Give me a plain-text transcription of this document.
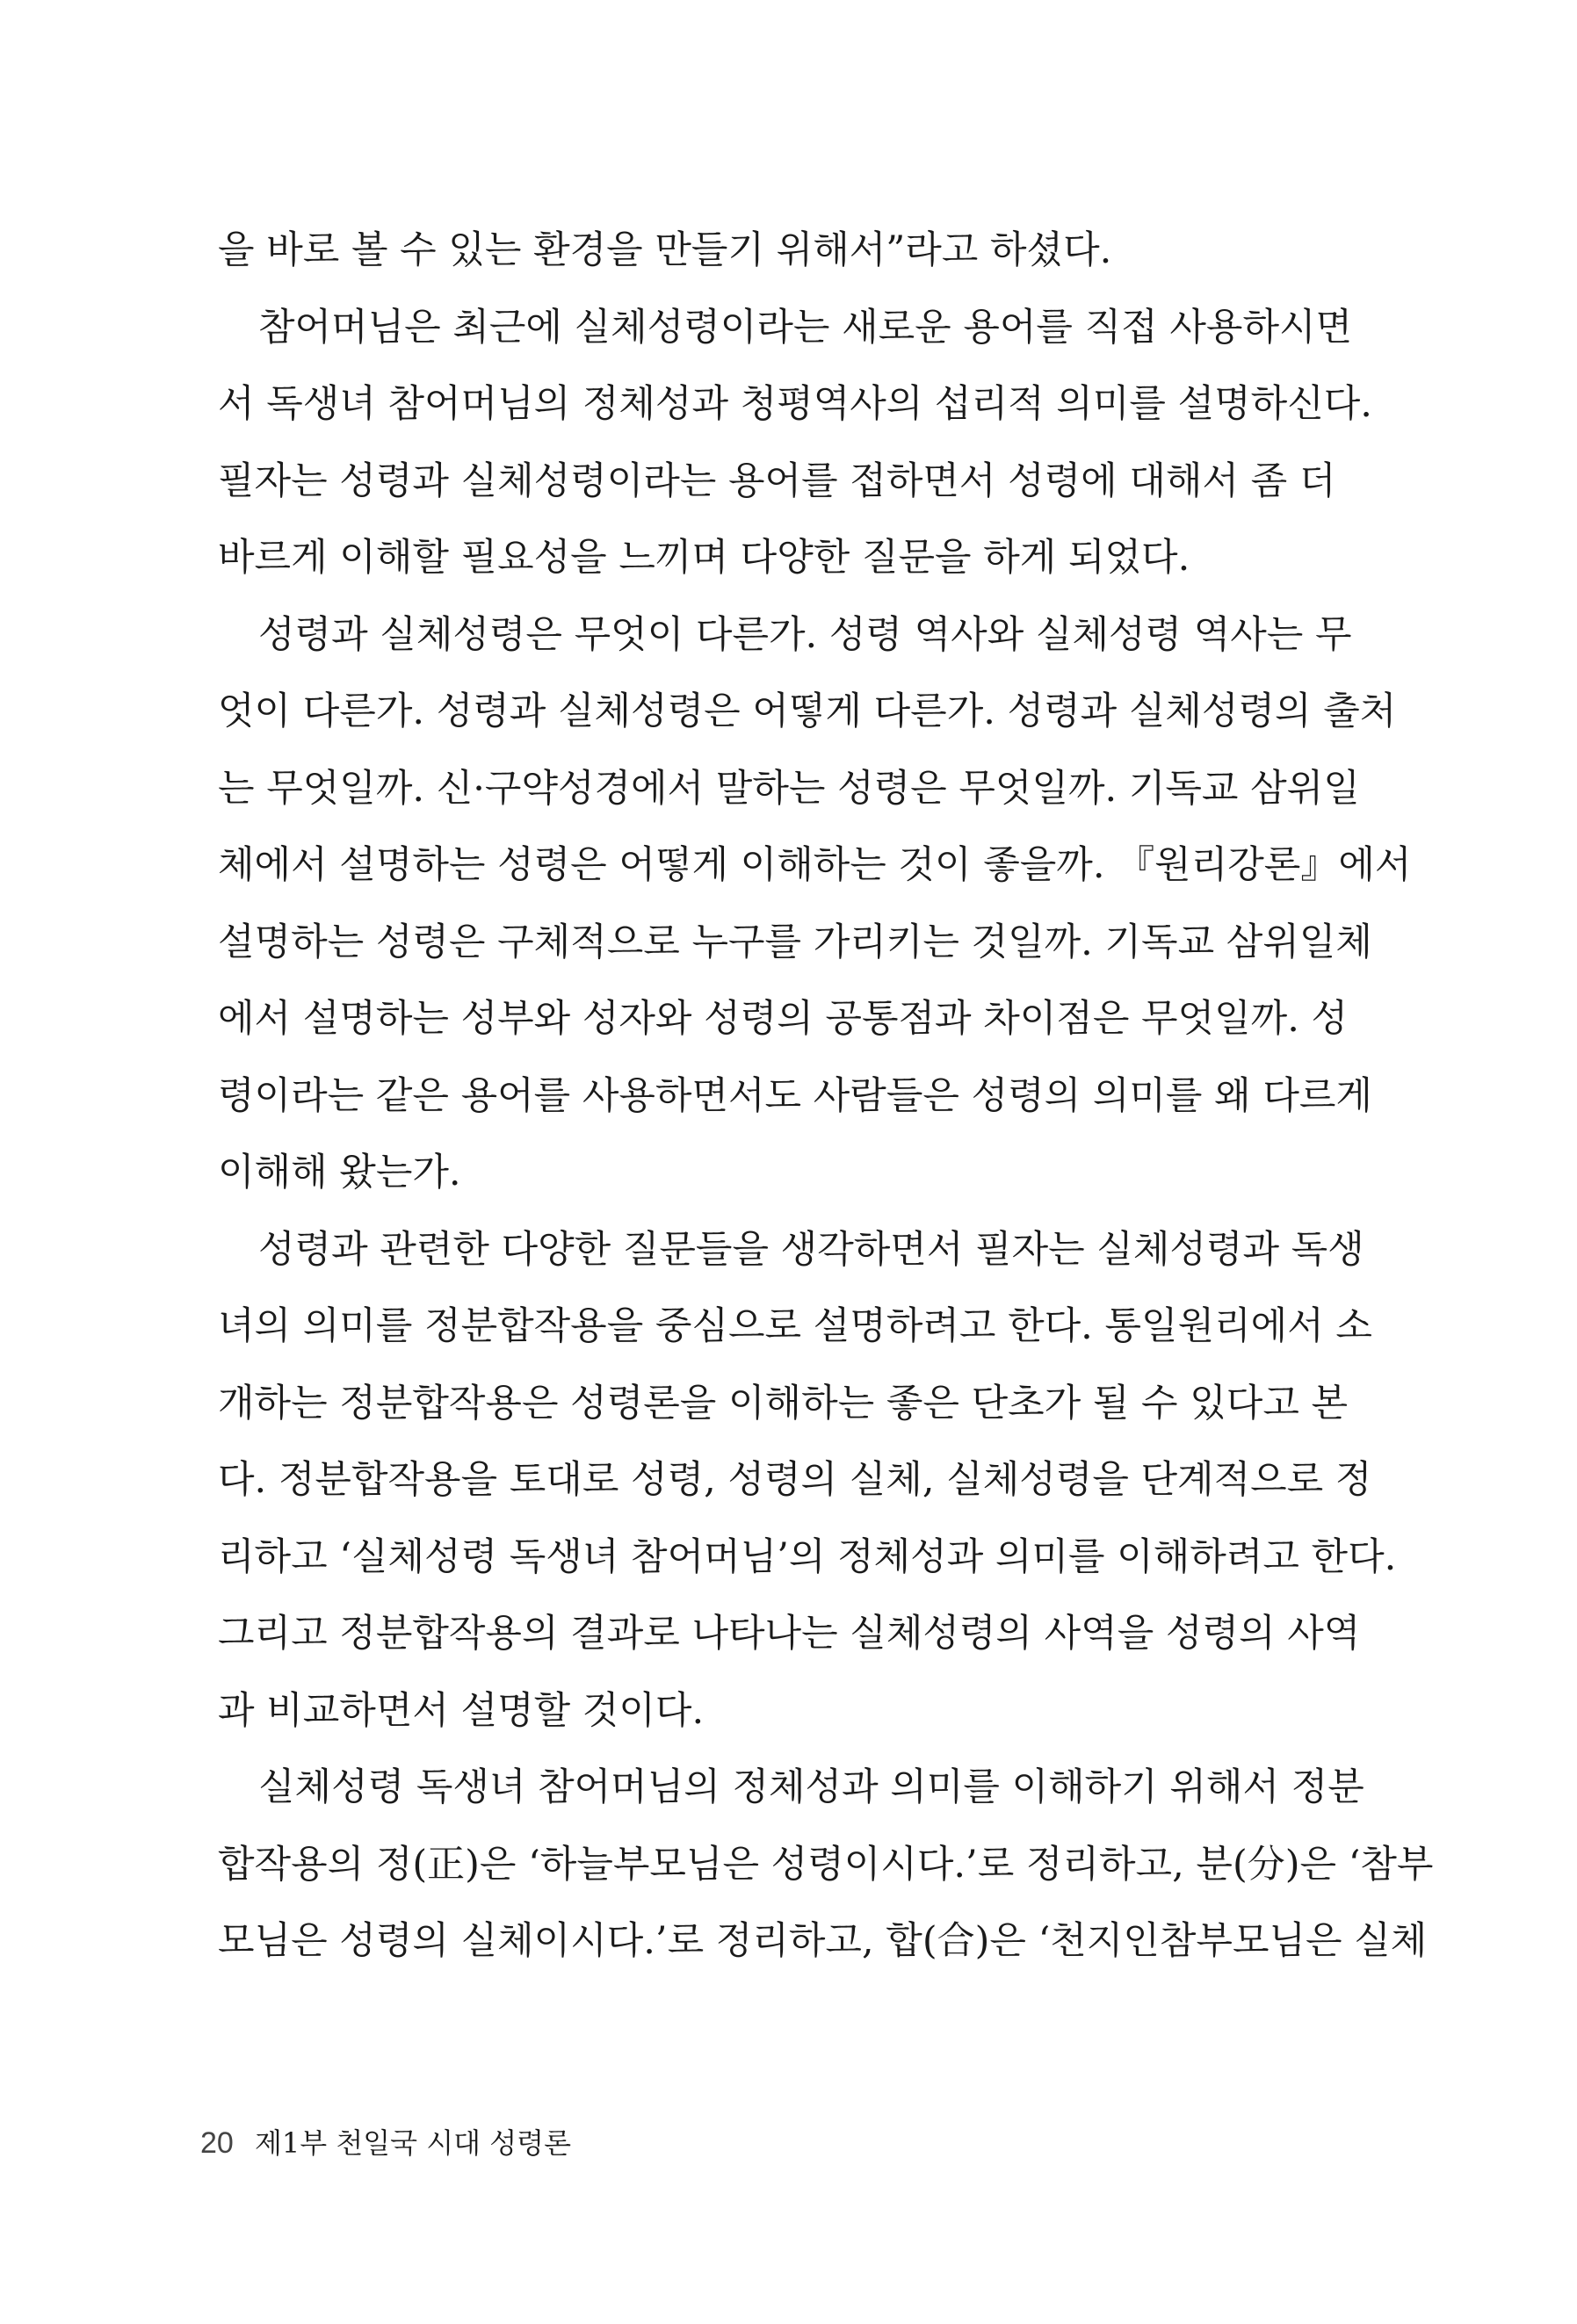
을 바로 볼 수 있는 환경을 만들기 위해서”라고 하셨다.
참어머님은 최근에 실체성령이라는 새로운 용어를 직접 사용하시면
서 독생녀 참어머님의 정체성과 청평역사의 섭리적 의미를 설명하신다.
필자는 성령과 실체성령이라는 용어를 접하면서 성령에 대해서 좀 더
바르게 이해할 필요성을 느끼며 다양한 질문을 하게 되었다.
성령과 실체성령은 무엇이 다른가. 성령 역사와 실체성령 역사는 무
엇이 다른가. 성령과 실체성령은 어떻게 다른가. 성령과 실체성령의 출처
는 무엇일까. 신·구약성경에서 말하는 성령은 무엇일까. 기독교 삼위일
체에서 설명하는 성령은 어떻게 이해하는 것이 좋을까. 『원리강론』에서
설명하는 성령은 구체적으로 누구를 가리키는 것일까. 기독교 삼위일체
에서 설명하는 성부와 성자와 성령의 공통점과 차이점은 무엇일까. 성
령이라는 같은 용어를 사용하면서도 사람들은 성령의 의미를 왜 다르게
이해해 왔는가.
성령과 관련한 다양한 질문들을 생각하면서 필자는 실체성령과 독생
녀의 의미를 정분합작용을 중심으로 설명하려고 한다. 통일원리에서 소
개하는 정분합작용은 성령론을 이해하는 좋은 단초가 될 수 있다고 본
다. 정분합작용을 토대로 성령, 성령의 실체, 실체성령을 단계적으로 정
리하고 ‘실체성령 독생녀 참어머님’의 정체성과 의미를 이해하려고 한다.
그리고 정분합작용의 결과로 나타나는 실체성령의 사역을 성령의 사역
과 비교하면서 설명할 것이다.
실체성령 독생녀 참어머님의 정체성과 의미를 이해하기 위해서 정분
합작용의 정(正)은 ‘하늘부모님은 성령이시다.’로 정리하고, 분(分)은 ‘참부
모님은 성령의 실체이시다.’로 정리하고, 합(合)은 ‘천지인참부모님은 실체
20 제1부 천일국 시대 성령론
